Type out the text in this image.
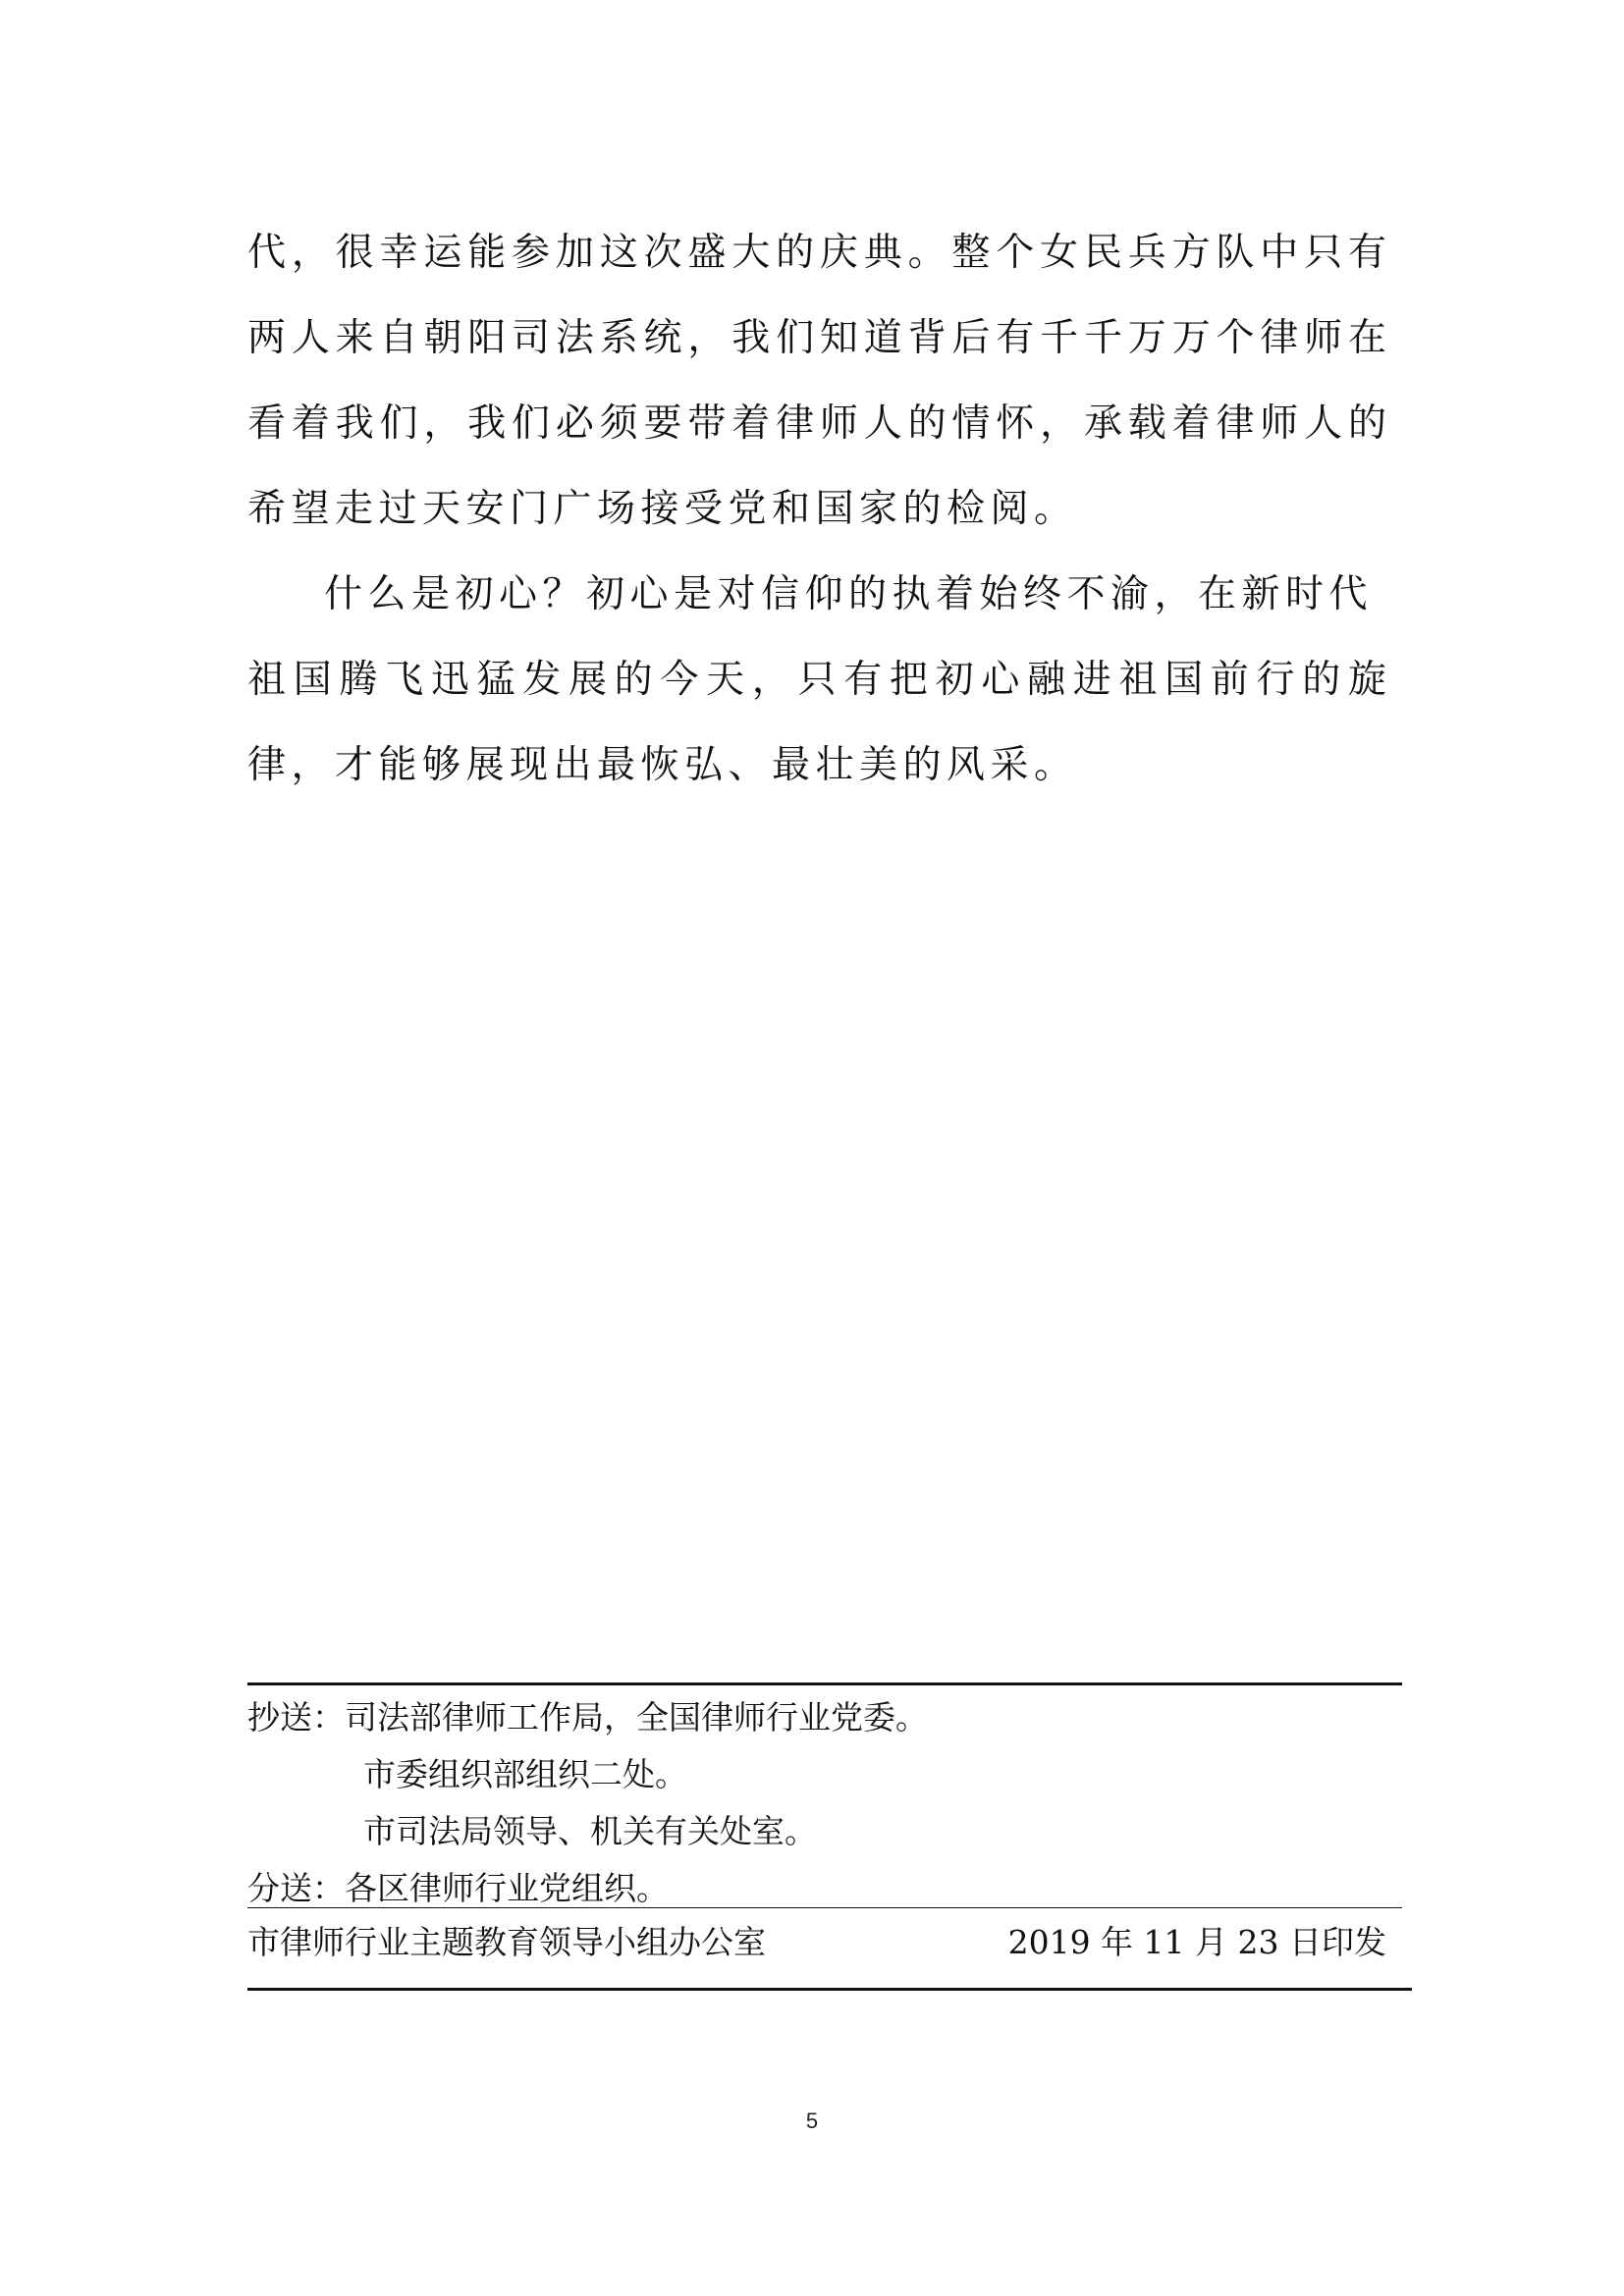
代，很幸运能参加这次盛大的庆典。整个女民兵方队中只有
两人来自朝阳司法系统，我们知道背后有千千万万个律师在
看着我们，我们必须要带着律师人的情怀，承载着律师人的
希望走过天安门广场接受党和国家的检阅。
什么是初心？初心是对信仰的执着始终不渝，在新时代
祖国腾飞迅猛发展的今天，只有把初心融进祖国前行的旋
律，才能够展现出最恢弘、最壮美的风采。
抄送：司法部律师工作局，全国律师行业党委。
市委组织部组织二处。
市司法局领导、机关有关处室。
分送：各区律师行业党组织。
市律师行业主题教育领导小组办公室	2019 年 11 月 23 日印发
5
